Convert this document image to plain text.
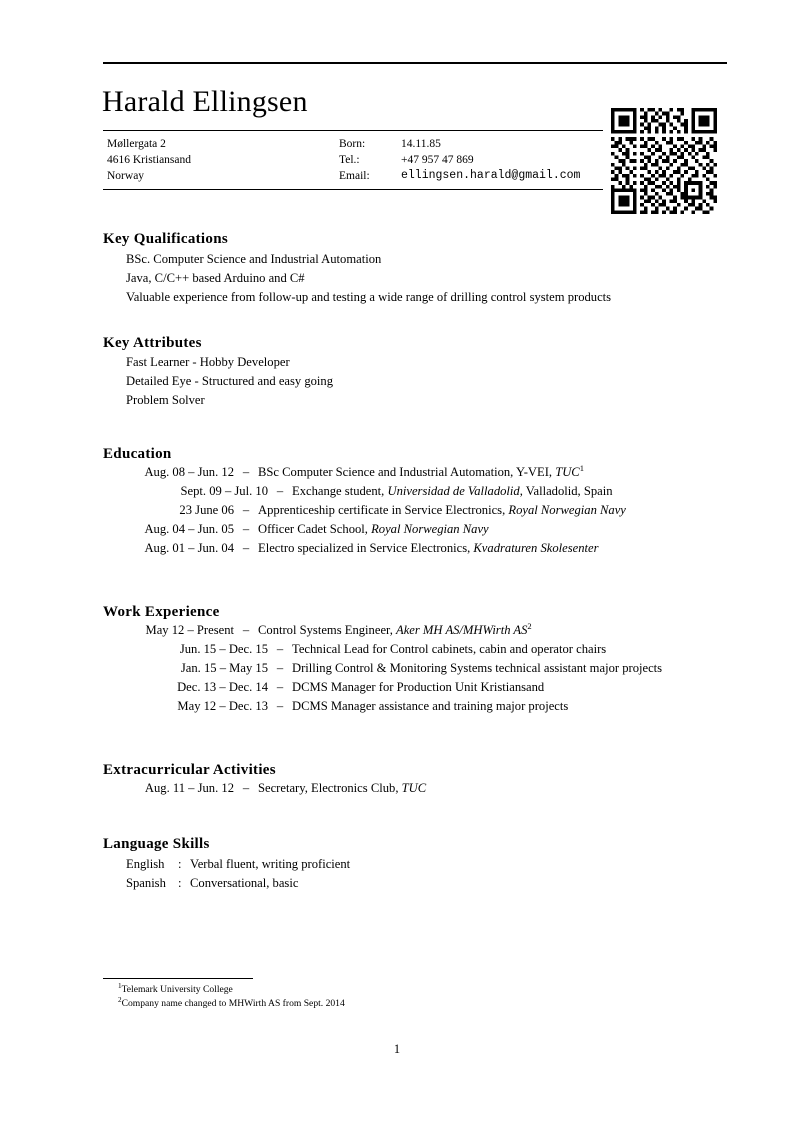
Harald Ellingsen
Møllergata 2	Born:	14.11.85
4616 Kristiansand	Tel.:	+47 957 47 869
Norway	Email:	ellingsen.harald@gmail.com
Key Qualifications
BSc. Computer Science and Industrial Automation
Java, C/C++ based Arduino and C#
Valuable experience from follow-up and testing a wide range of drilling control system products
Key Attributes
Fast Learner - Hobby Developer
Detailed Eye - Structured and easy going
Problem Solver
Education
Aug. 08 – Jun. 12 – BSc Computer Science and Industrial Automation, Y-VEI, TUC$^1$
Sept. 09 – Jul. 10 – Exchange student, Universidad de Valladolid, Valladolid, Spain
23 June 06 – Apprenticeship certificate in Service Electronics, Royal Norwegian Navy
Aug. 04 – Jun. 05 – Officer Cadet School, Royal Norwegian Navy
Aug. 01 – Jun. 04 – Electro specialized in Service Electronics, Kvadraturen Skolesenter
Work Experience
May 12 – Present – Control Systems Engineer, Aker MH AS/MHWirth $AS^2$
Jun. 15 – Dec. 15 – Technical Lead for Control cabinets, cabin and operator chairs
Jan. 15 – May 15 – Drilling Control & Monitoring Systems technical assistant major projects
Dec. 13 – Dec. 14 – DCMS Manager for Production Unit Kristiansand
May 12 – Dec. 13 – DCMS Manager assistance and training major projects
Extracurricular Activities
Aug. 11 – Jun. 12 – Secretary, Electronics Club, TUC
Language Skills
English	: Verbal fluent, writing proficient
Spanish : Conversational, basic
$^1$Telemark University College
$^2$Company name changed to MHWirth AS from Sept. 2014
1
